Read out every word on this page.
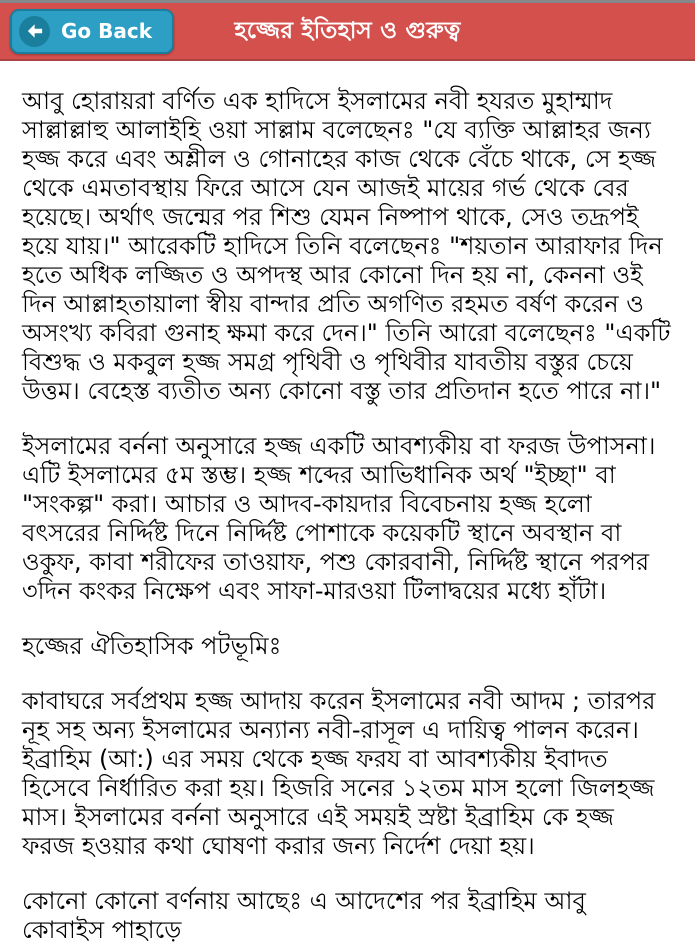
হজ্জের ইতিহাস ও গুরুত্ব
Go Back

আবু হোরায়রা বর্ণিত এক হাদিসে ইসলামের নবী হযরত মুহাম্মাদ সাল্লাল্লাহু আলাইহি ওয়া সাল্লাম বলেছেনঃ "যে ব্যক্তি আল্লাহর জন্য হজ্জ করে এবং অশ্লীল ও গোনাহের কাজ থেকে বেঁচে থাকে, সে হজ্জ থেকে এমতাবস্থায় ফিরে আসে যেন আজই মায়ের গর্ভ থেকে বের হয়েছে। অর্থাৎ জন্মের পর শিশু যেমন নিষ্পাপ থাকে, সেও তদ্রূপই হয়ে যায়।" আরেকটি হাদিসে তিনি বলেছেনঃ "শয়তান আরাফার দিন হতে অধিক লজ্জিত ও অপদস্থ আর কোনো দিন হয় না, কেননা ওই দিন আল্লাহতায়ালা স্বীয় বান্দার প্রতি অগণিত রহমত বর্ষণ করেন ও অসংখ্য কবিরা গুনাহ ক্ষমা করে দেন।" তিনি আরো বলেছেনঃ "একটি বিশুদ্ধ ও মকবুল হজ্জ সমগ্র পৃথিবী ও পৃথিবীর যাবতীয় বস্তুর চেয়ে উত্তম। বেহেস্ত ব্যতীত অন্য কোনো বস্তু তার প্রতিদান হতে পারে না।"

ইসলামের বর্ননা অনুসারে হজ্জ একটি আবশ্যকীয় বা ফরজ উপাসনা। এটি ইসলামের ৫ম স্তম্ভ। হজ্জ শব্দের আভিধানিক অর্থ "ইচ্ছা" বা "সংকল্প" করা। আচার ও আদব-কায়দার বিবেচনায় হজ্জ হলো বৎসরের নির্দ্দিষ্ট দিনে নির্দ্দিষ্ট পোশাকে কয়েকটি স্থানে অবস্থান বা ওকুফ, কাবা শরীফের তাওয়াফ, পশু কোরবানী, নির্দ্দিষ্ট স্থানে পরপর ৩দিন কংকর নিক্ষেপ এবং সাফা-মারওয়া টিলাদ্বয়ের মধ্যে হাঁটা।

হজ্জের ঐতিহাসিক পটভূমিঃ

কাবাঘরে সর্বপ্রথম হজ্জ আদায় করেন ইসলামের নবী আদম ; তারপর নূহ সহ অন্য ইসলামের অন্যান্য নবী-রাসূল এ দায়িত্ব পালন করেন। ইব্রাহিম (আ:) এর সময় থেকে হজ্জ ফরয বা আবশ্যকীয় ইবাদত হিসেবে নির্ধারিত করা হয়। হিজরি সনের ১২তম মাস হলো জিলহজ্জ মাস। ইসলামের বর্ননা অনুসারে এই সময়ই স্রষ্টা ইব্রাহিম কে হজ্জ ফরজ হওয়ার কথা ঘোষণা করার জন্য নির্দেশ দেয়া হয়।

কোনো কোনো বর্ণনায় আছেঃ এ আদেশের পর ইব্রাহিম আবু কোবাইস পাহাড়ে
